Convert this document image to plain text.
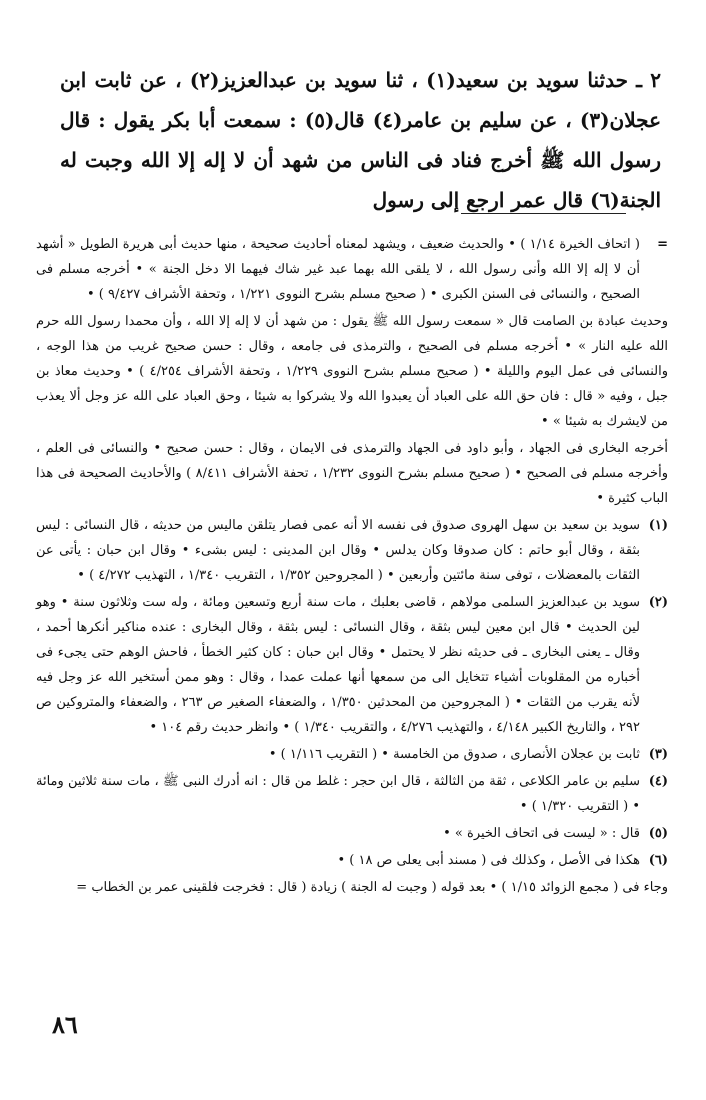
٢ ـ حدثنا سويد بن سعيد(١) ، ثنا سويد بن عبدالعزيز(٢) ، عن ثابت ابن عجلان(٣) ، عن سليم بن عامر(٤) قال(٥) : سمعت أبا بكر يقول : قال رسول الله ﷺ أخرج فناد فى الناس من شهد أن لا إله إلا الله وجبت له الجنة(٦) قال عمر ارجع إلى رسول

=
( اتحاف الخيرة ١/١٤ ) • والحديث ضعيف ، ويشهد لمعناه أحاديث صحيحة ، منها حديث أبى هريرة الطويل « أشهد أن لا إله إلا الله وأنى رسول الله ، لا يلقى الله بهما عبد غير شاك فيهما الا دخل الجنة » • أخرجه مسلم فى الصحيح ، والنسائى فى السنن الكبرى • ( صحيح مسلم بشرح النووى ١/٢٢١ ، وتحفة الأشراف ٩/٤٢٧ ) •
وحديث عبادة بن الصامت قال « سمعت رسول الله ﷺ يقول : من شهد أن لا إله إلا الله ، وأن محمدا رسول الله حرم الله عليه النار » • أخرجه مسلم فى الصحيح ، والترمذى فى جامعه ، وقال : حسن صحيح غريب من هذا الوجه ، والنسائى فى عمل اليوم والليلة • ( صحيح مسلم بشرح النووى ١/٢٢٩ ، وتحفة الأشراف ٤/٢٥٤ ) • وحديث معاذ بن جبل ، وفيه « قال : فان حق الله على العباد أن يعبدوا الله ولا يشركوا به شيئا ، وحق العباد على الله عز وجل ألا يعذب من لايشرك به شيئا » •
أخرجه البخارى فى الجهاد ، وأبو داود فى الجهاد والترمذى فى الايمان ، وقال : حسن صحيح • والنسائى فى العلم ، وأخرجه مسلم فى الصحيح • ( صحيح مسلم بشرح النووى ١/٢٣٢ ، تحفة الأشراف ٨/٤١١ ) والأحاديث الصحيحة فى هذا الباب كثيرة •
(١)
سويد بن سعيد بن سهل الهروى صدوق فى نفسه الا أنه عمى فصار يتلقن ماليس من حديثه ، قال النسائى : ليس بثقة ، وقال أبو حاتم : كان صدوقا وكان يدلس • وقال ابن المدينى : ليس بشىء • وقال ابن حبان : يأتى عن الثقات بالمعضلات ، توفى سنة مائتين وأربعين • ( المجروحين ١/٣٥٢ ، التقريب ١/٣٤٠ ، التهذيب ٤/٢٧٢ ) •
(٢)
سويد بن عبدالعزيز السلمى مولاهم ، قاضى بعلبك ، مات سنة أربع وتسعين ومائة ، وله ست وثلاثون سنة • وهو لين الحديث • قال ابن معين ليس بثقة ، وقال النسائى : ليس بثقة ، وقال البخارى : عنده مناكير أنكرها أحمد ، وقال ـ يعنى البخارى ـ فى حديثه نظر لا يحتمل • وقال ابن حبان : كان كثير الخطأ ، فاحش الوهم حتى يجىء فى أخباره من المقلوبات أشياء تتخايل الى من سمعها أنها عملت عمدا ، وقال : وهو ممن أستخير الله عز وجل فيه لأنه يقرب من الثقات • ( المجروحين من المحدثين ١/٣٥٠ ، والضعفاء الصغير ص ٢٦٣ ، والضعفاء والمتروكين ص ٢٩٢ ، والتاريخ الكبير ٤/١٤٨ ، والتهذيب ٤/٢٧٦ ، والتقريب ١/٣٤٠ ) • وانظر حديث رقم ١٠٤ •
(٣)
ثابت بن عجلان الأنصارى ، صدوق من الخامسة • ( التقريب ١/١١٦ ) •
(٤)
سليم بن عامر الكلاعى ، ثقة من الثالثة ، قال ابن حجر : غلط من قال : انه أدرك النبى ﷺ ، مات سنة ثلاثين ومائة • ( التقريب ١/٣٢٠ ) •
(٥)
قال : « ليست فى اتحاف الخيرة » •
(٦)
هكذا فى الأصل ، وكذلك فى ( مسند أبى يعلى ص ١٨ ) •
وجاء فى ( مجمع الزوائد ١/١٥ ) • بعد قوله ( وجبت له الجنة ) زيادة ( قال : فخرجت فلقينى عمر بن الخطاب =
٨٦
